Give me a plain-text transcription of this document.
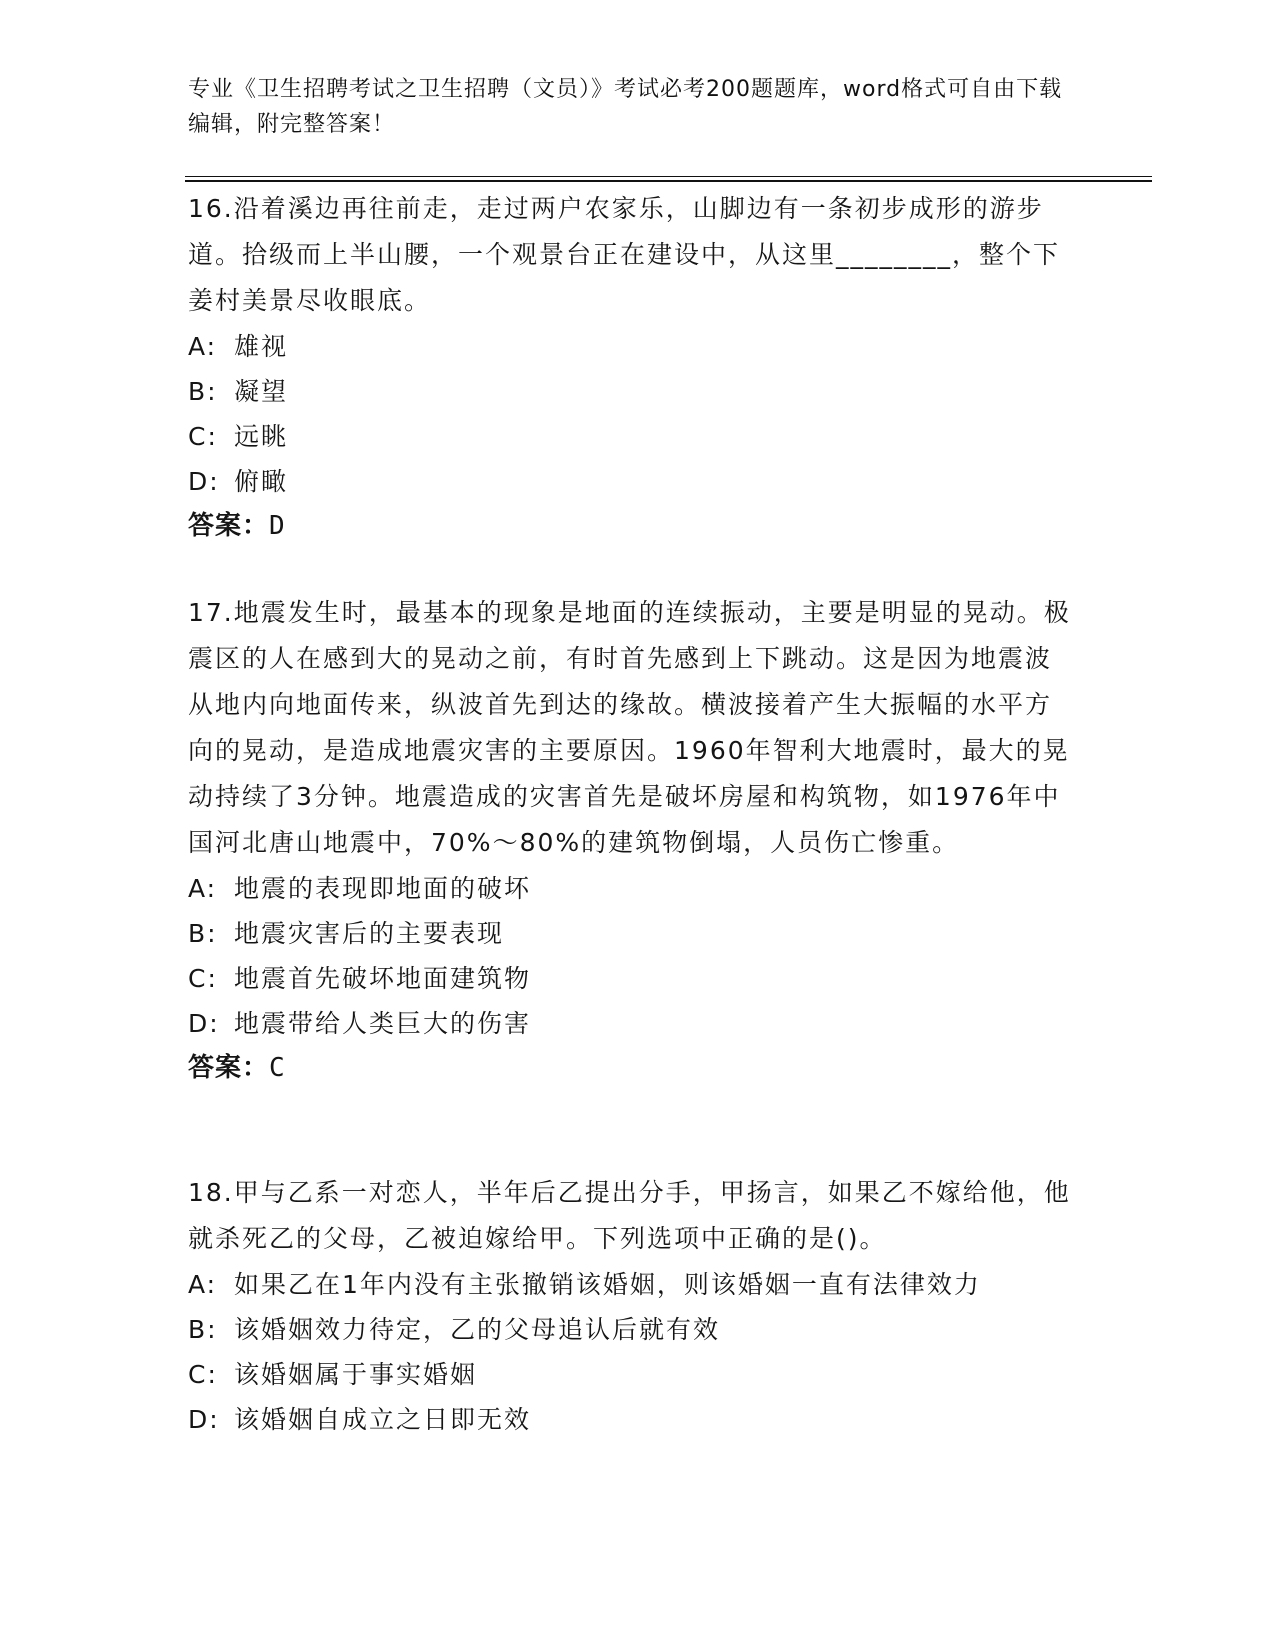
专业《卫生招聘考试之卫生招聘（文员）》考试必考200题题库，word格式可自由下载编辑，附完整答案！

16.沿着溪边再往前走，走过两户农家乐，山脚边有一条初步成形的游步道。拾级而上半山腰，一个观景台正在建设中，从这里________，整个下姜村美景尽收眼底。

A: 雄视

B: 凝望

C: 远眺

D: 俯瞰

答案：D

17.地震发生时，最基本的现象是地面的连续振动，主要是明显的晃动。极震区的人在感到大的晃动之前，有时首先感到上下跳动。这是因为地震波从地内向地面传来，纵波首先到达的缘故。横波接着产生大振幅的水平方向的晃动，是造成地震灾害的主要原因。1960年智利大地震时，最大的晃动持续了3分钟。地震造成的灾害首先是破坏房屋和构筑物，如1976年中国河北唐山地震中，70%～80%的建筑物倒塌，人员伤亡惨重。

A: 地震的表现即地面的破坏

B: 地震灾害后的主要表现

C: 地震首先破坏地面建筑物

D: 地震带给人类巨大的伤害

答案：C

18.甲与乙系一对恋人，半年后乙提出分手，甲扬言，如果乙不嫁给他，他就杀死乙的父母，乙被迫嫁给甲。下列选项中正确的是()。

A: 如果乙在1年内没有主张撤销该婚姻，则该婚姻一直有法律效力

B: 该婚姻效力待定，乙的父母追认后就有效

C: 该婚姻属于事实婚姻

D: 该婚姻自成立之日即无效
